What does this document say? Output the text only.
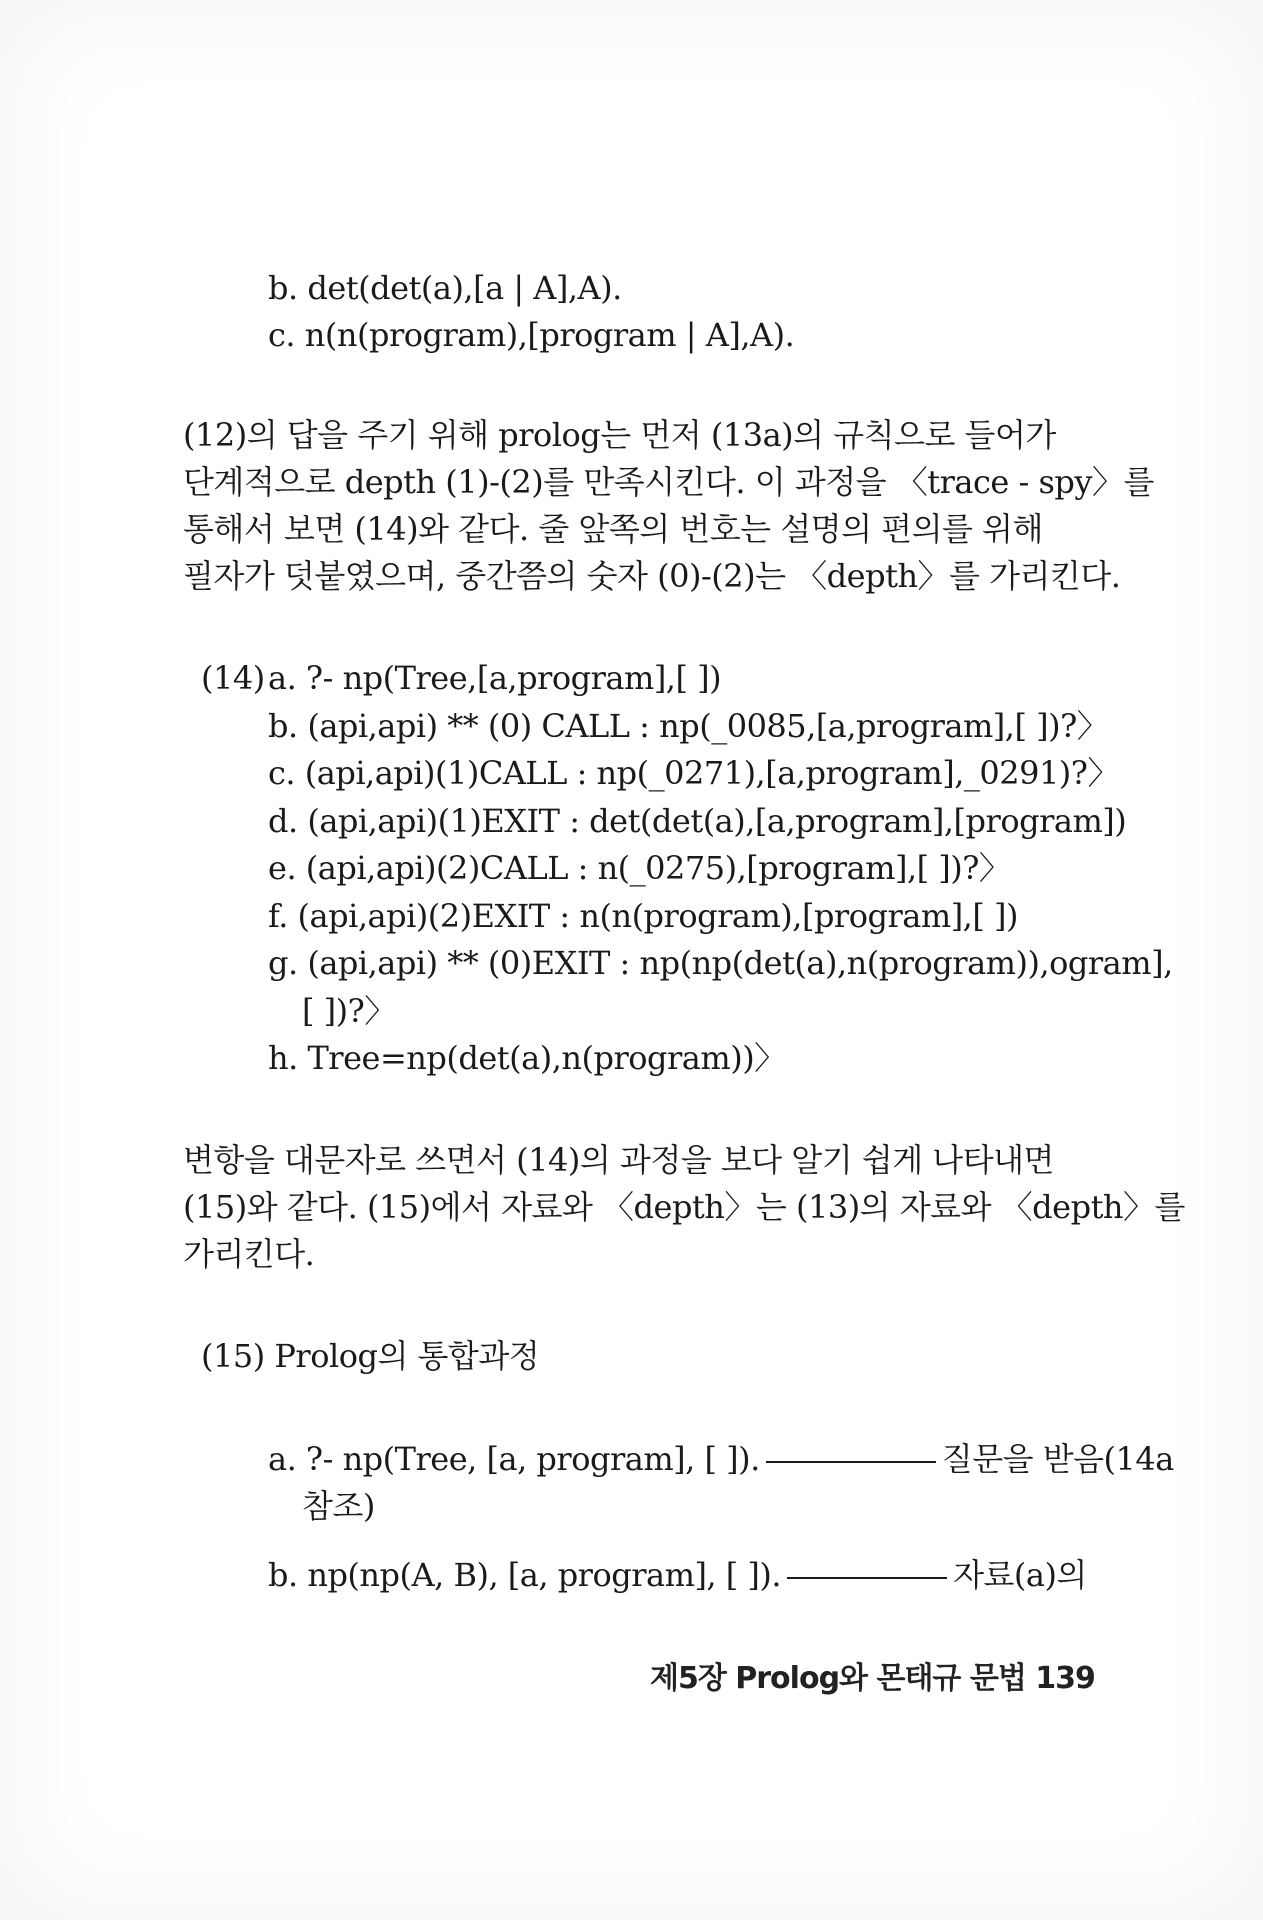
b. det(det(a),[a | A],A).
c. n(n(program),[program | A],A).
(12)의 답을 주기 위해 prolog는 먼저 (13a)의 규칙으로 들어가
단계적으로 depth (1)-(2)를 만족시킨다. 이 과정을 〈trace - spy〉를
통해서 보면 (14)와 같다. 줄 앞쪽의 번호는 설명의 편의를 위해
필자가 덧붙였으며, 중간쯤의 숫자 (0)-(2)는 〈depth〉를 가리킨다.
(14) a. ?- np(Tree,[a,program],[ ])
b. (api,api) ** (0) CALL : np(_0085,[a,program],[ ])?〉
c. (api,api)(1)CALL : np(_0271),[a,program],_0291)?〉
d. (api,api)(1)EXIT : det(det(a),[a,program],[program])
e. (api,api)(2)CALL : n(_0275),[program],[ ])?〉
f. (api,api)(2)EXIT : n(n(program),[program],[ ])
g. (api,api) ** (0)EXIT : np(np(det(a),n(program)),ogram],
[ ])?〉
h. Tree=np(det(a),n(program))〉
변항을 대문자로 쓰면서 (14)의 과정을 보다 알기 쉽게 나타내면
(15)와 같다. (15)에서 자료와 〈depth〉는 (13)의 자료와 〈depth〉를
가리킨다.
(15) Prolog의 통합과정
a. ?- np(Tree, [a, program], [ ]).	질문을 받음(14a
참조)
b. np(np(A, B), [a, program], [ ]).	자료(a)의
제5장 Prolog와 몬태규 문법 139
